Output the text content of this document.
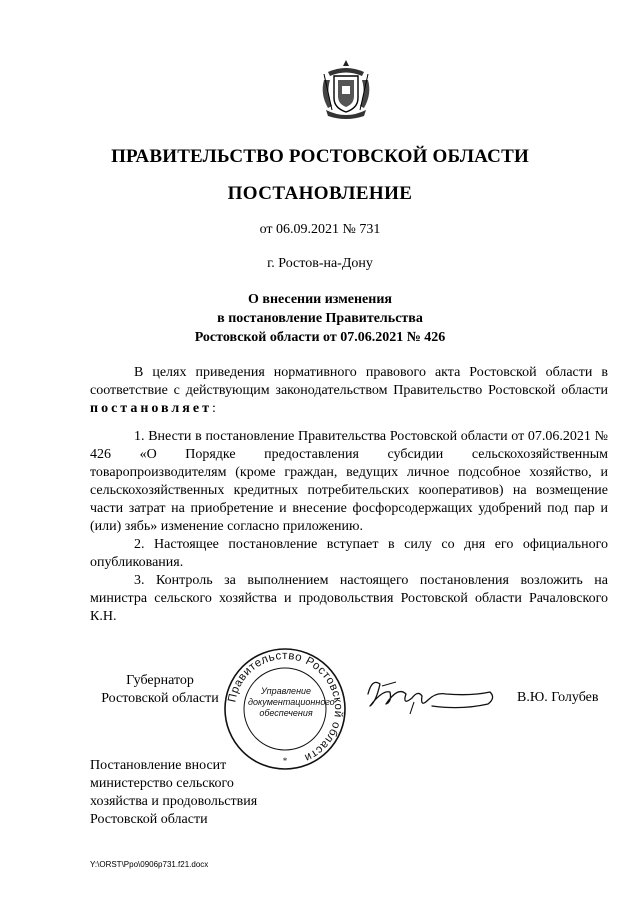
ПРАВИТЕЛЬСТВО РОСТОВСКОЙ ОБЛАСТИ
ПОСТАНОВЛЕНИЕ
от 06.09.2021 № 731
г. Ростов-на-Дону
О внесении изменения
в постановление Правительства
Ростовской области от 07.06.2021 № 426

В целях приведения нормативного правового акта Ростовской области в соответствие с действующим законодательством Правительство Ростовской области постановляет:

1. Внести в постановление Правительства Ростовской области от 07.06.2021 № 426 «О Порядке предоставления субсидии сельскохозяйственным товаропроизводителям (кроме граждан, ведущих личное подсобное хозяйство, и сельскохозяйственных кредитных потребительских кооперативов) на возмещение части затрат на приобретение и внесение фосфорсодержащих удобрений под пар и (или) зябь» изменение согласно приложению.

2. Настоящее постановление вступает в силу со дня его официального опубликования.

3. Контроль за выполнением настоящего постановления возложить на министра сельского хозяйства и продовольствия Ростовской области Рачаловского К.Н.

Губернатор
Ростовской области Правительство Ростовской области
*
Управление
документационного
обеспечения
В.Ю. Голубев
Постановление вносит
министерство сельского
хозяйства и продовольствия
Ростовской области
Y:\ORST\Ppo\0906p731.f21.docx
